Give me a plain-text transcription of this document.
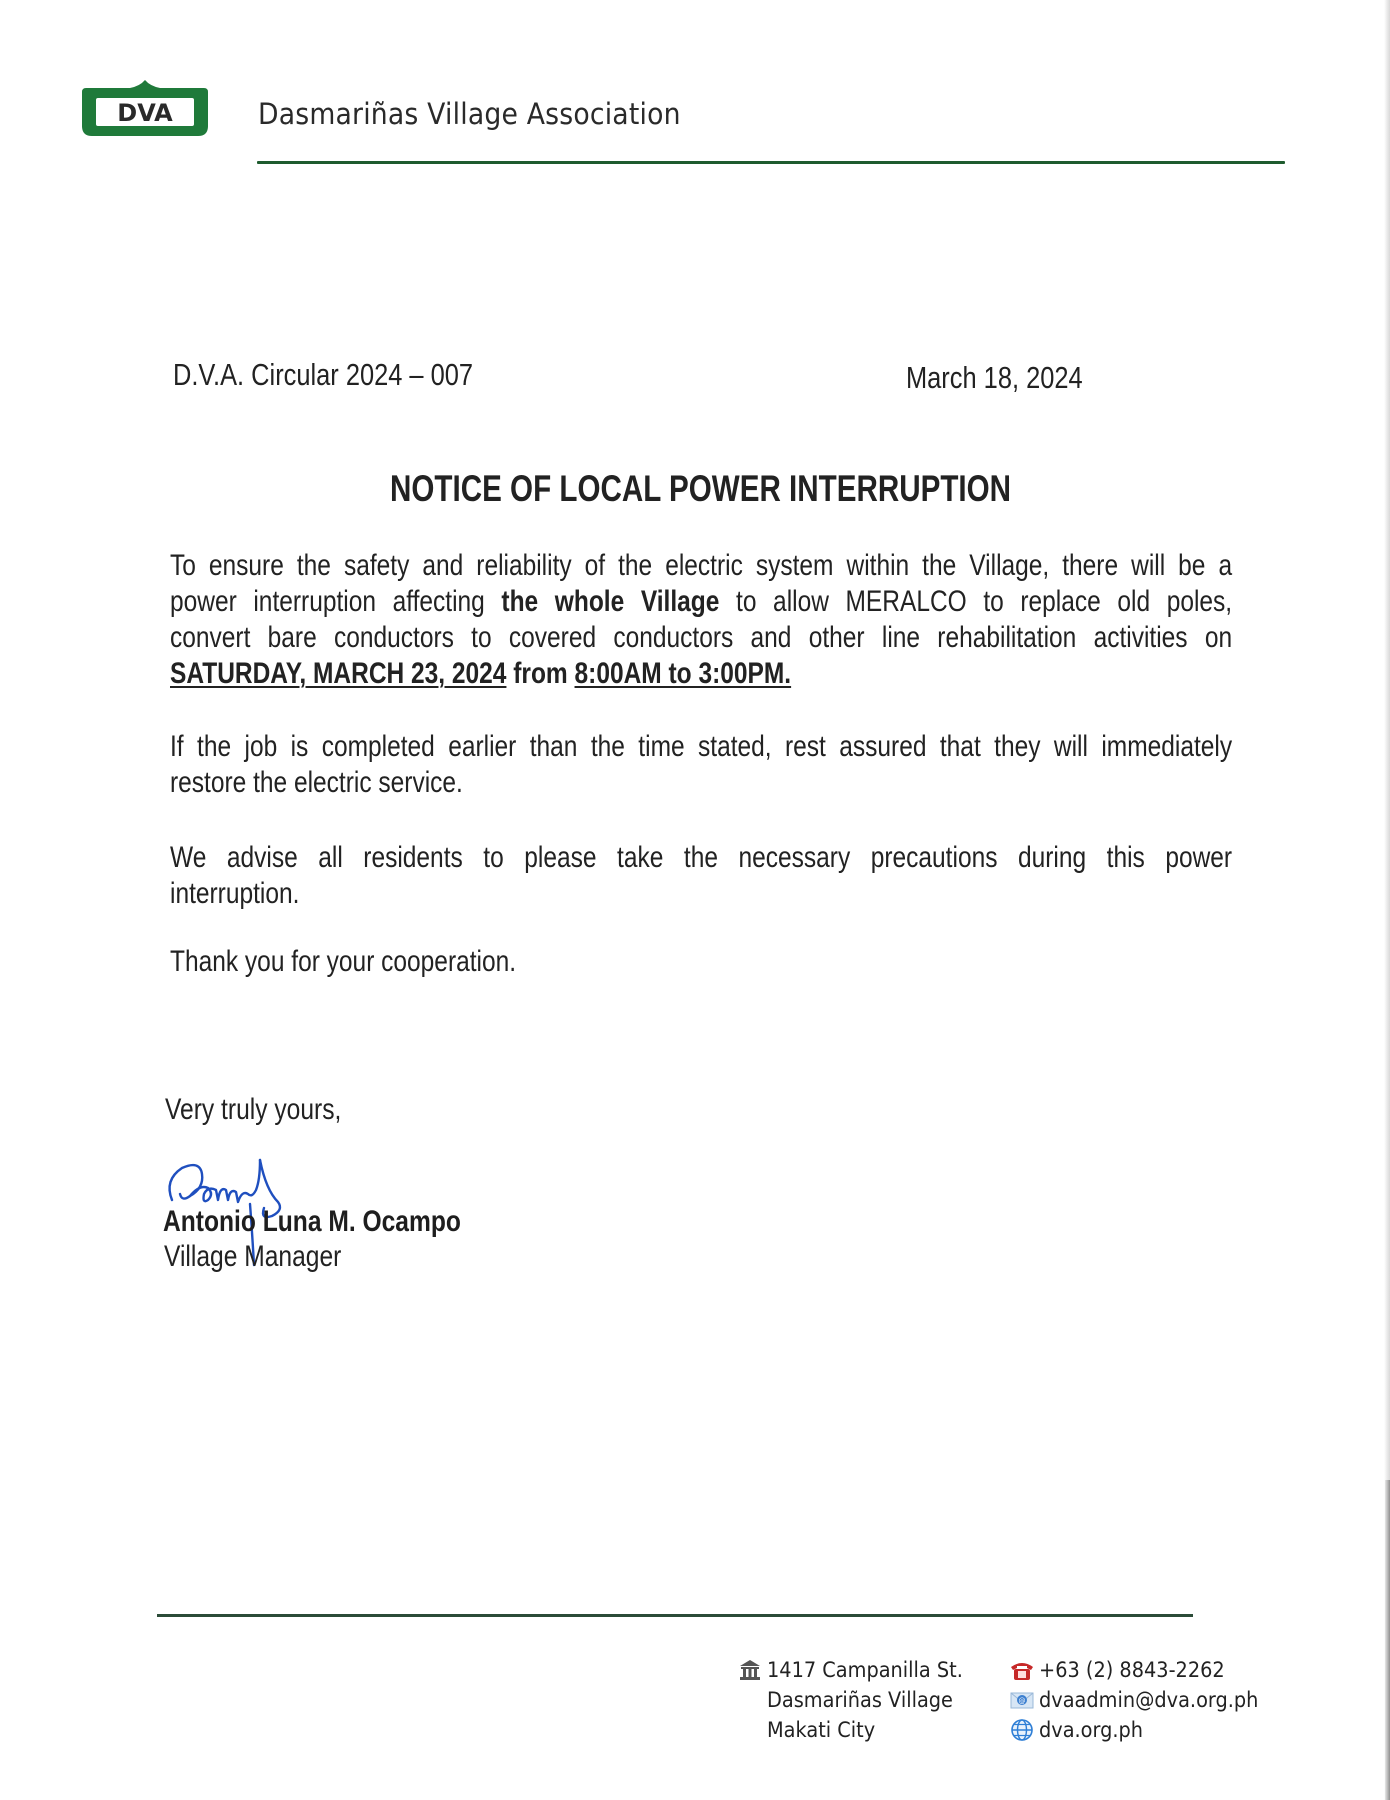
DVA	Dasmariñas Village Association
D.V.A. Circular 2024 – 007	March 18, 2024
NOTICE OF LOCAL POWER INTERRUPTION
To ensure the safety and reliability of the electric system within the Village, there will be a
power interruption affecting the whole Village to allow MERALCO to replace old poles,
convert bare conductors to covered conductors and other line rehabilitation activities on
SATURDAY, MARCH 23, 2024 from 8:00AM to 3:00PM.
If the job is completed earlier than the time stated, rest assured that they will immediately
restore the electric service.
We advise all residents to please take the necessary precautions during this power
interruption.
Thank you for your cooperation.
Very truly yours,
Antonio Luna M. Ocampo
Village Manager
1417 Campanilla St.
Dasmariñas Village
Makati City
+63 (2) 8843-2262
@ dvaadmin@dva.org.ph
dva.org.ph
